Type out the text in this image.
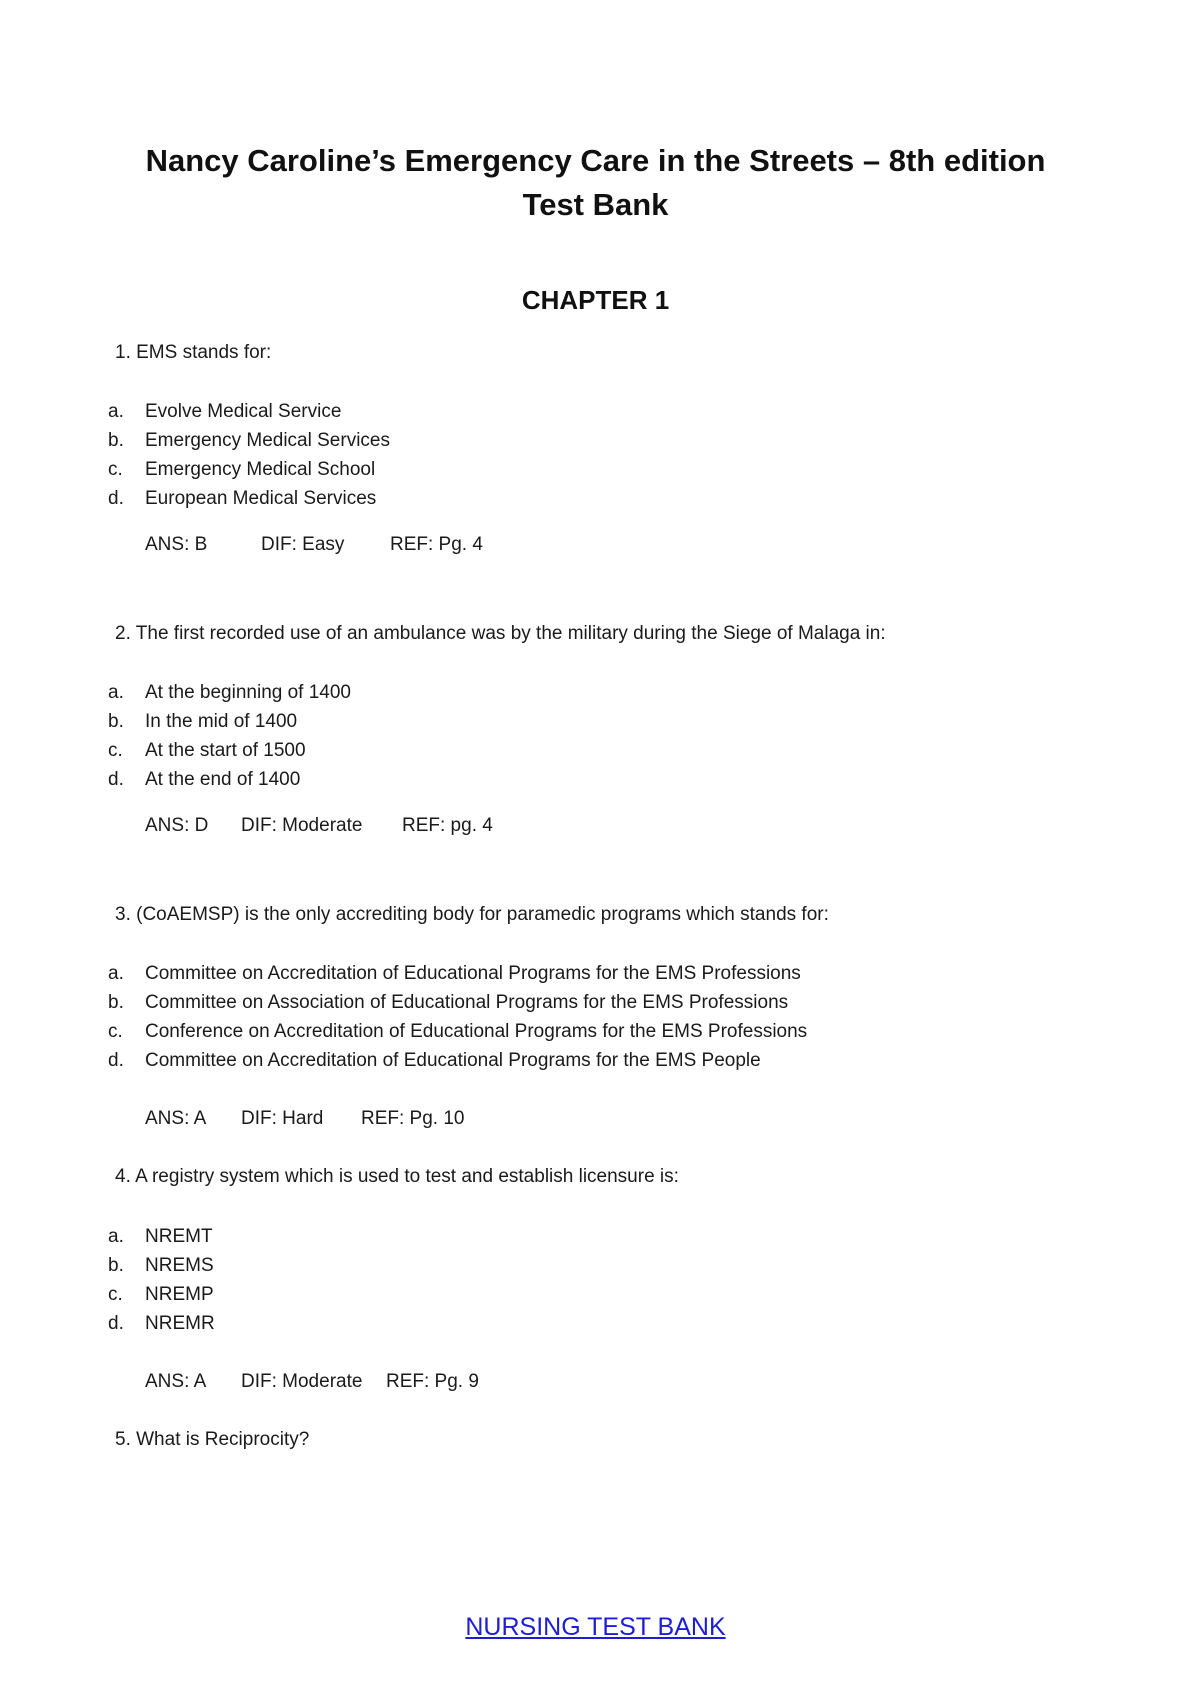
Nancy Caroline’s Emergency Care in the Streets – 8th edition
Test Bank
CHAPTER 1
1. EMS stands for:
a. Evolve Medical Service
b. Emergency Medical Services
c. Emergency Medical School
d. European Medical Services
ANS: B	DIF: Easy REF: Pg. 4
2. The first recorded use of an ambulance was by the military during the Siege of Malaga in:
a. At the beginning of 1400
b. In the mid of 1400
c. At the start of 1500
d. At the end of 1400
ANS: D DIF: Moderate REF: pg. 4
3. (CoAEMSP) is the only accrediting body for paramedic programs which stands for:
a. Committee on Accreditation of Educational Programs for the EMS Professions
b. Committee on Association of Educational Programs for the EMS Professions
c. Conference on Accreditation of Educational Programs for the EMS Professions
d. Committee on Accreditation of Educational Programs for the EMS People
ANS: A DIF: Hard REF: Pg. 10
4. A registry system which is used to test and establish licensure is:
a. NREMT
b. NREMS
c. NREMP
d. NREMR
ANS: A DIF: Moderate REF: Pg. 9
5. What is Reciprocity?
NURSING TEST BANK
